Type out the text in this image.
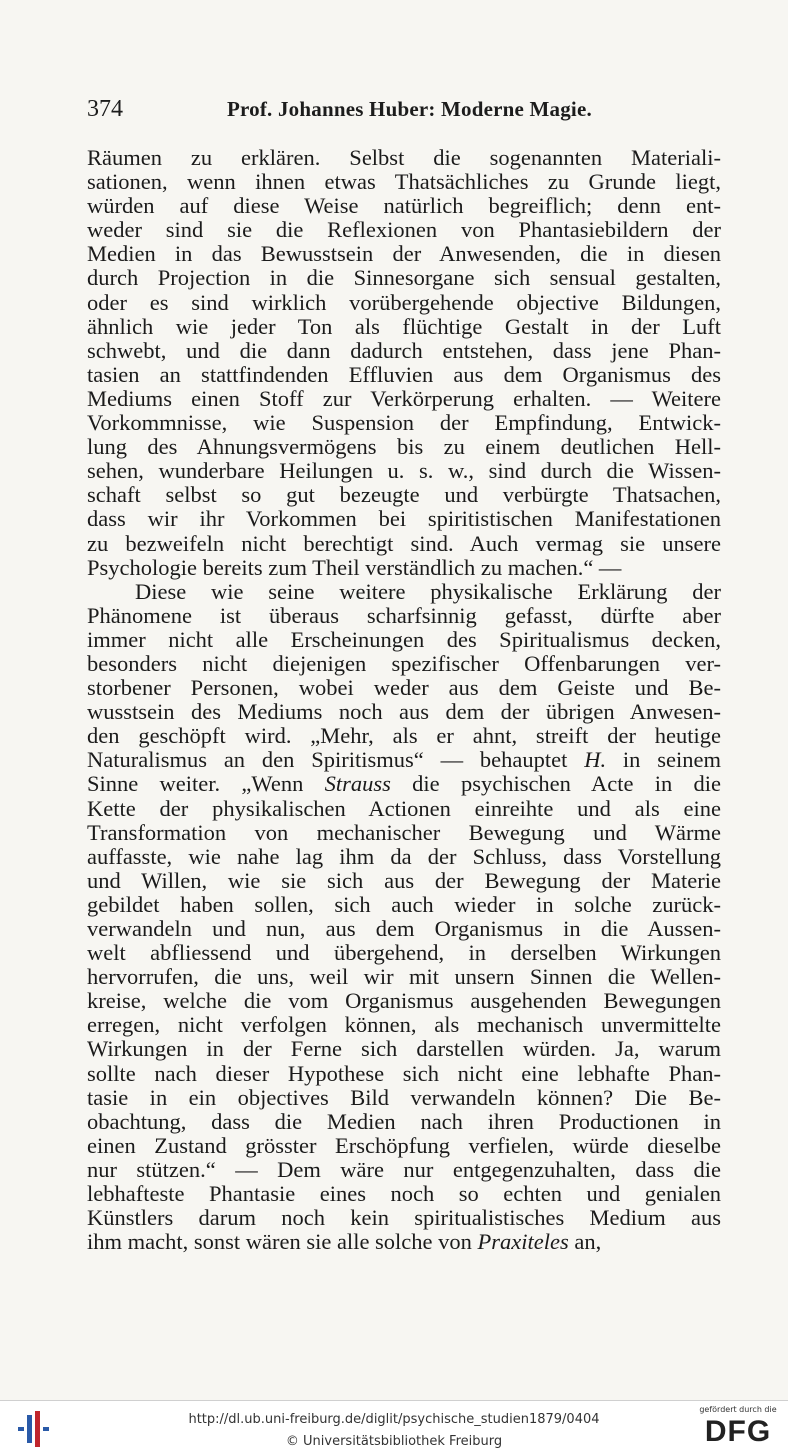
374	Prof. Johannes Huber: Moderne Magie.
Räumen zu erklären. Selbst die sogenannten Materiali-
sationen, wenn ihnen etwas Thatsächliches zu Grunde liegt,
würden auf diese Weise natürlich begreiflich; denn ent-
weder sind sie die Reflexionen von Phantasiebildern der
Medien in das Bewusstsein der Anwesenden, die in diesen
durch Projection in die Sinnesorgane sich sensual gestalten,
oder es sind wirklich vorübergehende objective Bildungen,
ähnlich wie jeder Ton als flüchtige Gestalt in der Luft
schwebt, und die dann dadurch entstehen, dass jene Phan-
tasien an stattfindenden Effluvien aus dem Organismus des
Mediums einen Stoff zur Verkörperung erhalten. — Weitere
Vorkommnisse, wie Suspension der Empfindung, Entwick-
lung des Ahnungsvermögens bis zu einem deutlichen Hell-
sehen, wunderbare Heilungen u. s. w., sind durch die Wissen-
schaft selbst so gut bezeugte und verbürgte Thatsachen,
dass wir ihr Vorkommen bei spiritistischen Manifestationen
zu bezweifeln nicht berechtigt sind. Auch vermag sie unsere
Psychologie bereits zum Theil verständlich zu machen.“ —
Diese wie seine weitere physikalische Erklärung der
Phänomene ist überaus scharfsinnig gefasst, dürfte aber
immer nicht alle Erscheinungen des Spiritualismus decken,
besonders nicht diejenigen spezifischer Offenbarungen ver-
storbener Personen, wobei weder aus dem Geiste und Be-
wusstsein des Mediums noch aus dem der übrigen Anwesen-
den geschöpft wird. „Mehr, als er ahnt, streift der heutige
Naturalismus an den Spiritismus“ — behauptet H. in seinem
Sinne weiter. „Wenn Strauss die psychischen Acte in die
Kette der physikalischen Actionen einreihte und als eine
Transformation von mechanischer Bewegung und Wärme
auffasste, wie nahe lag ihm da der Schluss, dass Vorstellung
und Willen, wie sie sich aus der Bewegung der Materie
gebildet haben sollen, sich auch wieder in solche zurück-
verwandeln und nun, aus dem Organismus in die Aussen-
welt abfliessend und übergehend, in derselben Wirkungen
hervorrufen, die uns, weil wir mit unsern Sinnen die Wellen-
kreise, welche die vom Organismus ausgehenden Bewegungen
erregen, nicht verfolgen können, als mechanisch unvermittelte
Wirkungen in der Ferne sich darstellen würden. Ja, warum
sollte nach dieser Hypothese sich nicht eine lebhafte Phan-
tasie in ein objectives Bild verwandeln können? Die Be-
obachtung, dass die Medien nach ihren Productionen in
einen Zustand grösster Erschöpfung verfielen, würde dieselbe
nur stützen.“ — Dem wäre nur entgegenzuhalten, dass die
lebhafteste Phantasie eines noch so echten und genialen
Künstlers darum noch kein spiritualistisches Medium aus
ihm macht, sonst wären sie alle solche von Praxiteles an,
http://dl.ub.uni-freiburg.de/diglit/psychische_studien1879/0404
© Universitätsbibliothek Freiburg
gefördert durch die
DFG
